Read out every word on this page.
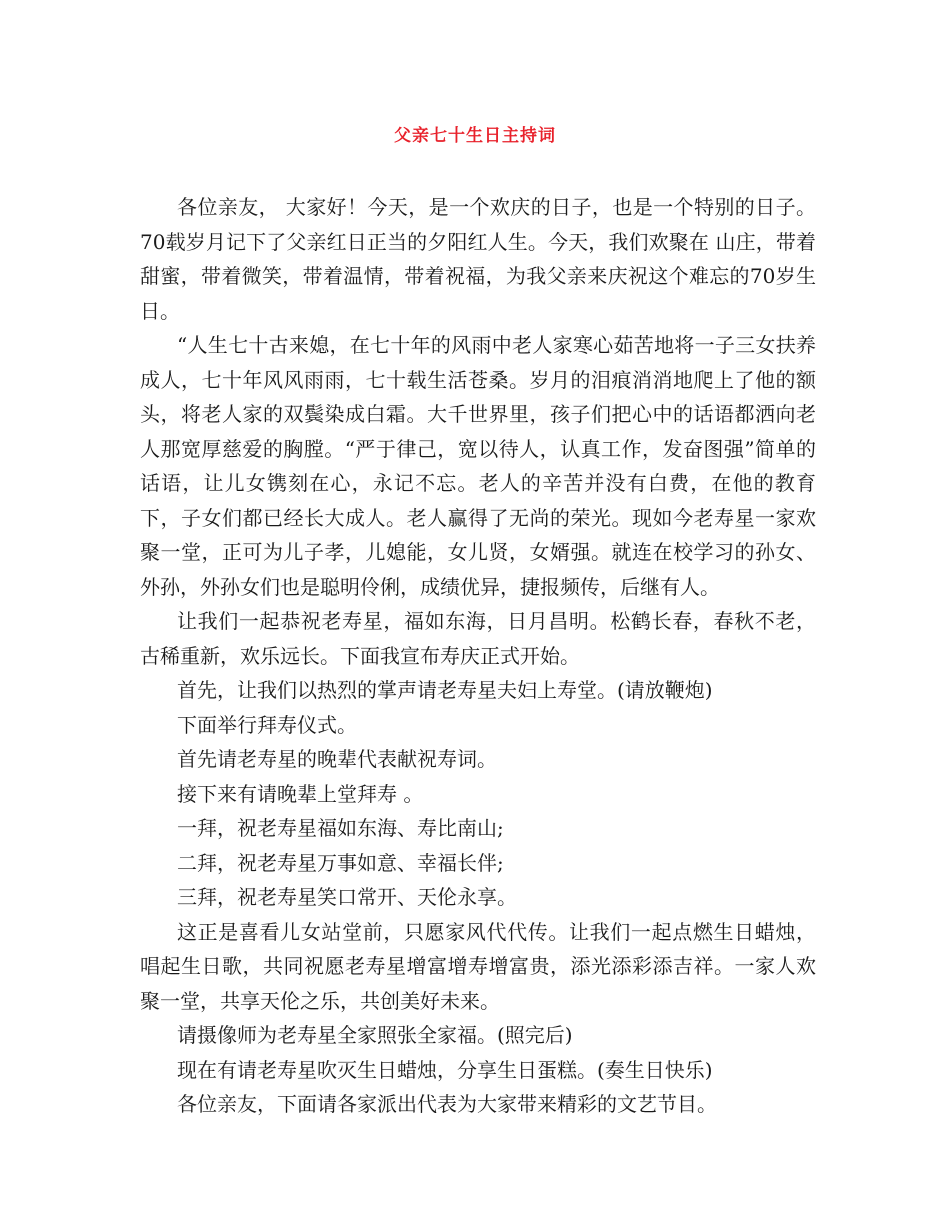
父亲七十生日主持词

各位亲友， 大家好！今天，是一个欢庆的日子，也是一个特别的日子。70载岁月记下了父亲红日正当的夕阳红人生。今天，我们欢聚在 山庄，带着甜蜜，带着微笑，带着温情，带着祝福，为我父亲来庆祝这个难忘的70岁生日。

“人生七十古来媳，在七十年的风雨中老人家寒心茹苦地将一子三女扶养成人，七十年风风雨雨，七十载生活苍桑。岁月的泪痕消消地爬上了他的额头，将老人家的双鬓染成白霜。大千世界里，孩子们把心中的话语都洒向老人那宽厚慈爱的胸膛。“严于律己，宽以待人，认真工作，发奋图强”简单的话语，让儿女镌刻在心，永记不忘。老人的辛苦并没有白费，在他的教育下，子女们都已经长大成人。老人赢得了无尚的荣光。现如今老寿星一家欢聚一堂，正可为儿子孝，儿媳能，女儿贤，女婿强。就连在校学习的孙女、外孙，外孙女们也是聪明伶俐，成绩优异，捷报频传，后继有人。

让我们一起恭祝老寿星，福如东海，日月昌明。松鹤长春，春秋不老，古稀重新，欢乐远长。下面我宣布寿庆正式开始。

首先，让我们以热烈的掌声请老寿星夫妇上寿堂。(请放鞭炮)

下面举行拜寿仪式。

首先请老寿星的晚辈代表献祝寿词。

接下来有请晚辈上堂拜寿 。

一拜，祝老寿星福如东海、寿比南山;

二拜，祝老寿星万事如意、幸福长伴;

三拜，祝老寿星笑口常开、天伦永享。

这正是喜看儿女站堂前，只愿家风代代传。让我们一起点燃生日蜡烛，唱起生日歌，共同祝愿老寿星增富增寿增富贵，添光添彩添吉祥。一家人欢聚一堂，共享天伦之乐，共创美好未来。

请摄像师为老寿星全家照张全家福。(照完后)

现在有请老寿星吹灭生日蜡烛，分享生日蛋糕。(奏生日快乐)

各位亲友，下面请各家派出代表为大家带来精彩的文艺节目。
